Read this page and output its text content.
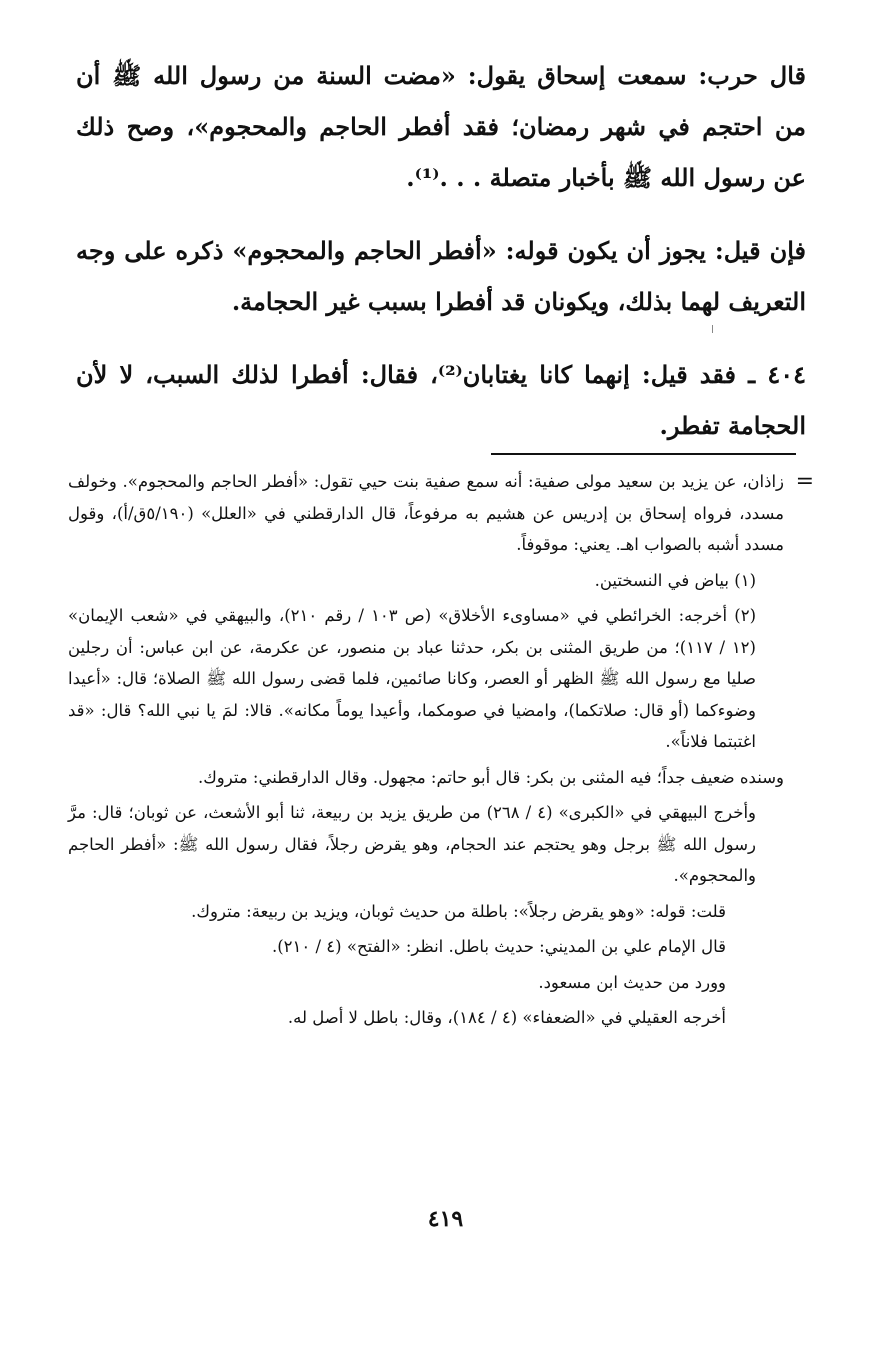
قال حرب: سمعت إسحاق يقول: «مضت السنة من رسول الله ﷺ أن من احتجم في شهر رمضان؛ فقد أفطر الحاجم والمحجوم»، وصح ذلك عن رسول الله ﷺ بأخبار متصلة . . .⁽¹⁾.

فإن قيل: يجوز أن يكون قوله: «أفطر الحاجم والمحجوم» ذكره على وجه التعريف لهما بذلك، ويكونان قد أفطرا بسبب غير الحجامة.

٤٠٤ ـ فقد قيل: إنهما كانا يغتابان⁽²⁾، فقال: أفطرا لذلك السبب، لا لأن الحجامة تفطر.

=
زاذان، عن يزيد بن سعيد مولى صفية: أنه سمع صفية بنت حيي تقول: «أفطر الحاجم والمحجوم». وخولف مسدد، فرواه إسحاق بن إدريس عن هشيم به مرفوعاً، قال الدارقطني في «العلل» (٥/١٩٠ق/أ)، وقول مسدد أشبه بالصواب اهـ. يعني: موقوفاً.

(١) بياض في النسختين.

(٢) أخرجه: الخرائطي في «مساوىء الأخلاق» (ص ١٠٣ / رقم ٢١٠)، والبيهقي في «شعب الإيمان» (١٢ / ١١٧)؛ من طريق المثنى بن بكر، حدثنا عباد بن منصور، عن عكرمة، عن ابن عباس: أن رجلين صليا مع رسول الله ﷺ الظهر أو العصر، وكانا صائمين، فلما قضى رسول الله ﷺ الصلاة؛ قال: «أعيدا وضوءكما (أو قال: صلاتكما)، وامضيا في صومكما، وأعيدا يوماً مكانه». قالا: لمَ يا نبي الله؟ قال: «قد اغتبتما فلاناً».

وسنده ضعيف جداً؛ فيه المثنى بن بكر: قال أبو حاتم: مجهول. وقال الدارقطني: متروك.

وأخرج البيهقي في «الكبرى» (٤ / ٢٦٨) من طريق يزيد بن ربيعة، ثنا أبو الأشعث، عن ثوبان؛ قال: مرَّ رسول الله ﷺ برجل وهو يحتجم عند الحجام، وهو يقرض رجلاً، فقال رسول الله ﷺ: «أفطر الحاجم والمحجوم».

قلت: قوله: «وهو يقرض رجلاً»: باطلة من حديث ثوبان، ويزيد بن ربيعة: متروك.

قال الإمام علي بن المديني: حديث باطل. انظر: «الفتح» (٤ / ٢١٠).

وورد من حديث ابن مسعود.

أخرجه العقيلي في «الضعفاء» (٤ / ١٨٤)، وقال: باطل لا أصل له.

٤١٩
